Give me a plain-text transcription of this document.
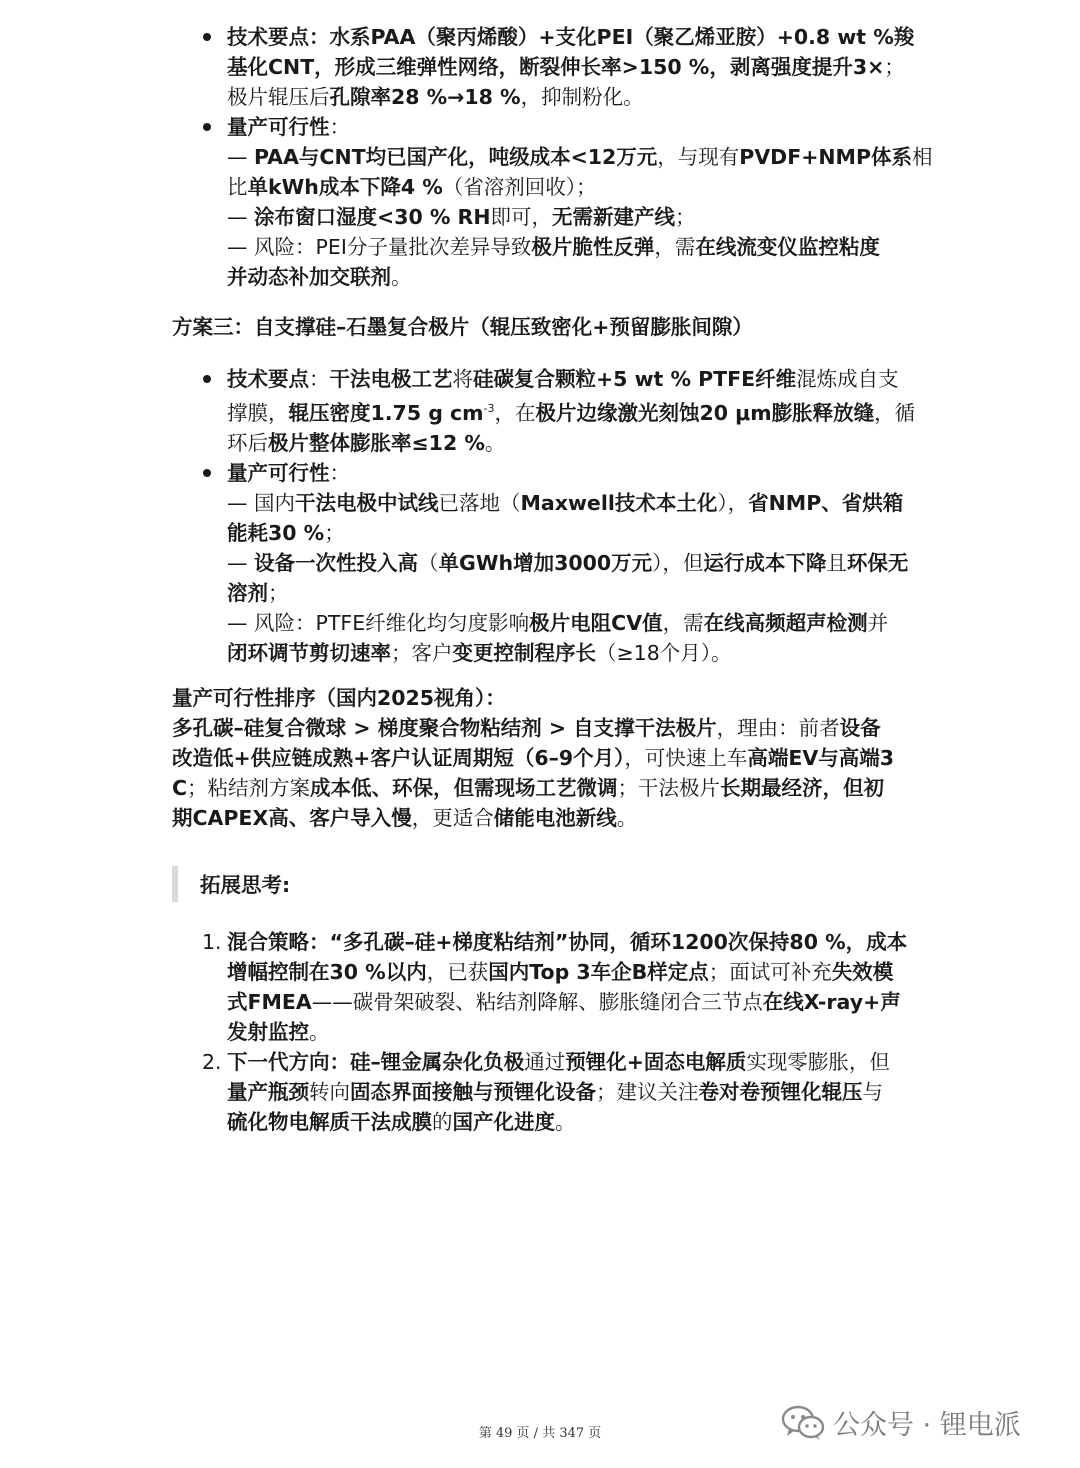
技术要点：水系PAA（聚丙烯酸）+支化PEI（聚乙烯亚胺）+0.8 wt %羧
基化CNT，形成三维弹性网络，断裂伸长率>150 %，剥离强度提升3×；
极片辊压后孔隙率28 %→18 %，抑制粉化。
量产可行性：
— PAA与CNT均已国产化，吨级成本<12万元，与现有PVDF+NMP体系相
比单kWh成本下降4 %（省溶剂回收）；
— 涂布窗口湿度<30 % RH即可，无需新建产线；
— 风险：PEI分子量批次差异导致极片脆性反弹，需在线流变仪监控粘度
并动态补加交联剂。
方案三：自支撑硅–石墨复合极片（辊压致密化+预留膨胀间隙）
技术要点：干法电极工艺将硅碳复合颗粒+5 wt % PTFE纤维混炼成自支
撑膜，辊压密度1.75 g $cm^{-3}$，在极片边缘激光刻蚀20 μm膨胀释放缝，循
环后极片整体膨胀率≤12 %。
量产可行性：
— 国内干法电极中试线已落地（Maxwell技术本土化），省NMP、省烘箱
能耗30 %；
— 设备一次性投入高（单GWh增加3000万元），但运行成本下降且环保无
溶剂；
— 风险：PTFE纤维化均匀度影响极片电阻CV值，需在线高频超声检测并
闭环调节剪切速率；客户变更控制程序长（≥18个月）。
量产可行性排序（国内2025视角）：
多孔碳–硅复合微球 > 梯度聚合物粘结剂 > 自支撑干法极片，理由：前者设备
改造低+供应链成熟+客户认证周期短（6–9个月），可快速上车高端EV与高端3
C；粘结剂方案成本低、环保，但需现场工艺微调；干法极片长期最经济，但初
期CAPEX高、客户导入慢，更适合储能电池新线。
拓展思考:
1. 混合策略：“多孔碳–硅+梯度粘结剂”协同，循环1200次保持80 %，成本
增幅控制在30 %以内，已获国内Top 3车企B样定点；面试可补充失效模
式FMEA——碳骨架破裂、粘结剂降解、膨胀缝闭合三节点在线X-ray+声
发射监控。
2. 下一代方向：硅–锂金属杂化负极通过预锂化+固态电解质实现零膨胀，但
量产瓶颈转向固态界面接触与预锂化设备；建议关注卷对卷预锂化辊压与
硫化物电解质干法成膜的国产化进度。
第 49 页 / 共 347 页	公众号 · 锂电派
